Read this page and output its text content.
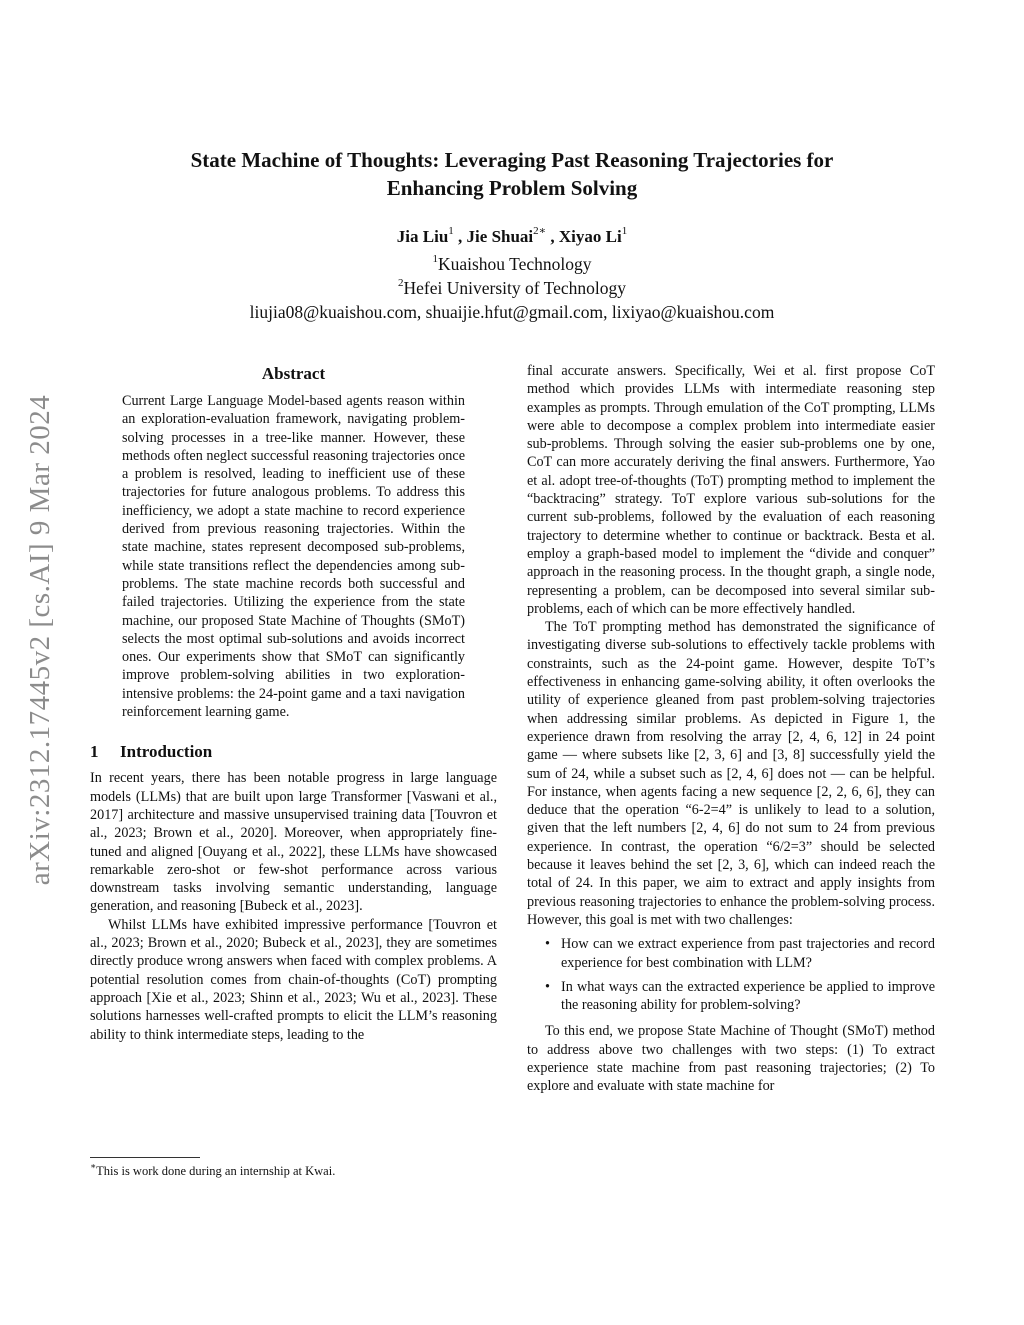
arXiv:2312.17445v2 [cs.AI] 9 Mar 2024
State Machine of Thoughts: Leveraging Past Reasoning Trajectories for
Enhancing Problem Solving
Jia Liu$^1$ , Jie Shuai$^{2∗}$ , Xiyao Li$^1$
$^1$Kuaishou Technology
$^2$Hefei University of Technology
liujia08@kuaishou.com, shuaijie.hfut@gmail.com, lixiyao@kuaishou.com

Abstract

Current Large Language Model-based agents reason within an exploration-evaluation framework, navigating problem-solving processes in a tree-like manner. However, these methods often neglect successful reasoning trajectories once a problem is resolved, leading to inefficient use of these trajectories for future analogous problems. To address this inefficiency, we adopt a state machine to record experience derived from previous reasoning trajectories. Within the state machine, states represent decomposed sub-problems, while state transitions reflect the dependencies among sub-problems. The state machine records both successful and failed trajectories. Utilizing the experience from the state machine, our proposed State Machine of Thoughts (SMoT) selects the most optimal sub-solutions and avoids incorrect ones. Our experiments show that SMoT can significantly improve problem-solving abilities in two exploration-intensive problems: the 24-point game and a taxi navigation reinforcement learning game.

1 Introduction

In recent years, there has been notable progress in large language models (LLMs) that are built upon large Transformer [Vaswani et al., 2017] architecture and massive unsupervised training data [Touvron et al., 2023; Brown et al., 2020]. Moreover, when appropriately fine-tuned and aligned [Ouyang et al., 2022], these LLMs have showcased remarkable zero-shot or few-shot performance across various downstream tasks involving semantic understanding, language generation, and reasoning [Bubeck et al., 2023].

Whilst LLMs have exhibited impressive performance [Touvron et al., 2023; Brown et al., 2020; Bubeck et al., 2023], they are sometimes directly produce wrong answers when faced with complex problems. A potential resolution comes from chain-of-thoughts (CoT) prompting approach [Xie et al., 2023; Shinn et al., 2023; Wu et al., 2023]. These solutions harnesses well-crafted prompts to elicit the LLM’s reasoning ability to think intermediate steps, leading to the

final accurate answers. Specifically, Wei et al. first propose CoT method which provides LLMs with intermediate reasoning step examples as prompts. Through emulation of the CoT prompting, LLMs were able to decompose a complex problem into intermediate easier sub-problems. Through solving the easier sub-problems one by one, CoT can more accurately deriving the final answers. Furthermore, Yao et al. adopt tree-of-thoughts (ToT) prompting method to implement the “backtracing” strategy. ToT explore various sub-solutions for the current sub-problems, followed by the evaluation of each reasoning trajectory to determine whether to continue or backtrack. Besta et al. employ a graph-based model to implement the “divide and conquer” approach in the reasoning process. In the thought graph, a single node, representing a problem, can be decomposed into several similar sub-problems, each of which can be more effectively handled.

The ToT prompting method has demonstrated the significance of investigating diverse sub-solutions to effectively tackle problems with constraints, such as the 24-point game. However, despite ToT’s effectiveness in enhancing game-solving ability, it often overlooks the utility of experience gleaned from past problem-solving trajectories when addressing similar problems. As depicted in Figure 1, the experience drawn from resolving the array [2, 4, 6, 12] in 24 point game — where subsets like [2, 3, 6] and [3, 8] successfully yield the sum of 24, while a subset such as [2, 4, 6] does not — can be helpful. For instance, when agents facing a new sequence [2, 2, 6, 6], they can deduce that the operation “6-2=4” is unlikely to lead to a solution, given that the left numbers [2, 4, 6] do not sum to 24 from previous experience. In contrast, the operation “6/2=3” should be selected because it leaves behind the set [2, 3, 6], which can indeed reach the total of 24. In this paper, we aim to extract and apply insights from previous reasoning trajectories to enhance the problem-solving process. However, this goal is met with two challenges:

• How can we extract experience from past trajectories and record experience for best combination with LLM?
• In what ways can the extracted experience be applied to improve the reasoning ability for problem-solving?

To this end, we propose State Machine of Thought (SMoT) method to address above two challenges with two steps: (1) To extract experience state machine from past reasoning trajectories; (2) To explore and evaluate with state machine for

∗This is work done during an internship at Kwai.
